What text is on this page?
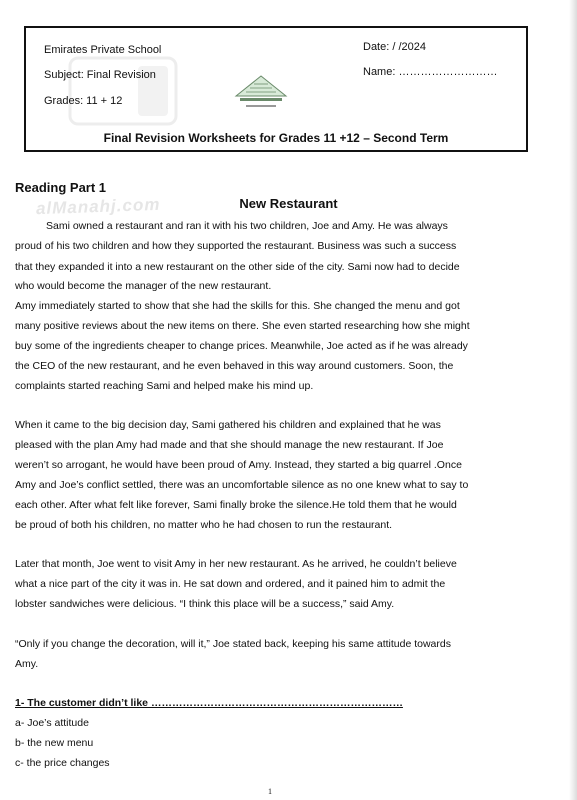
Emirates Private School
Subject: Final Revision
Grades: 11 + 12
Date: / /2024
Name: ………………………
Final Revision Worksheets for Grades 11 +12 – Second Term
Reading Part 1
alManahj.com	New Restaurant
Sami owned a restaurant and ran it with his two children, Joe and Amy. He was always
proud of his two children and how they supported the restaurant. Business was such a success
that they expanded it into a new restaurant on the other side of the city. Sami now had to decide
who would become the manager of the new restaurant.
Amy immediately started to show that she had the skills for this. She changed the menu and got
many positive reviews about the new items on there. She even started researching how she might
buy some of the ingredients cheaper to change prices. Meanwhile, Joe acted as if he was already
the CEO of the new restaurant, and he even behaved in this way around customers. Soon, the
complaints started reaching Sami and helped make his mind up.
When it came to the big decision day, Sami gathered his children and explained that he was
pleased with the plan Amy had made and that she should manage the new restaurant. If Joe
weren’t so arrogant, he would have been proud of Amy. Instead, they started a big quarrel .Once
Amy and Joe’s conflict settled, there was an uncomfortable silence as no one knew what to say to
each other. After what felt like forever, Sami finally broke the silence.He told them that he would
be proud of both his children, no matter who he had chosen to run the restaurant.
Later that month, Joe went to visit Amy in her new restaurant. As he arrived, he couldn’t believe
what a nice part of the city it was in. He sat down and ordered, and it pained him to admit the
lobster sandwiches were delicious. “I think this place will be a success,” said Amy.
“Only if you change the decoration, will it,” Joe stated back, keeping his same attitude towards
Amy.
1- The customer didn’t like ………………………………………………………………
a- Joe’s attitude
b- the new menu
c- the price changes
1
